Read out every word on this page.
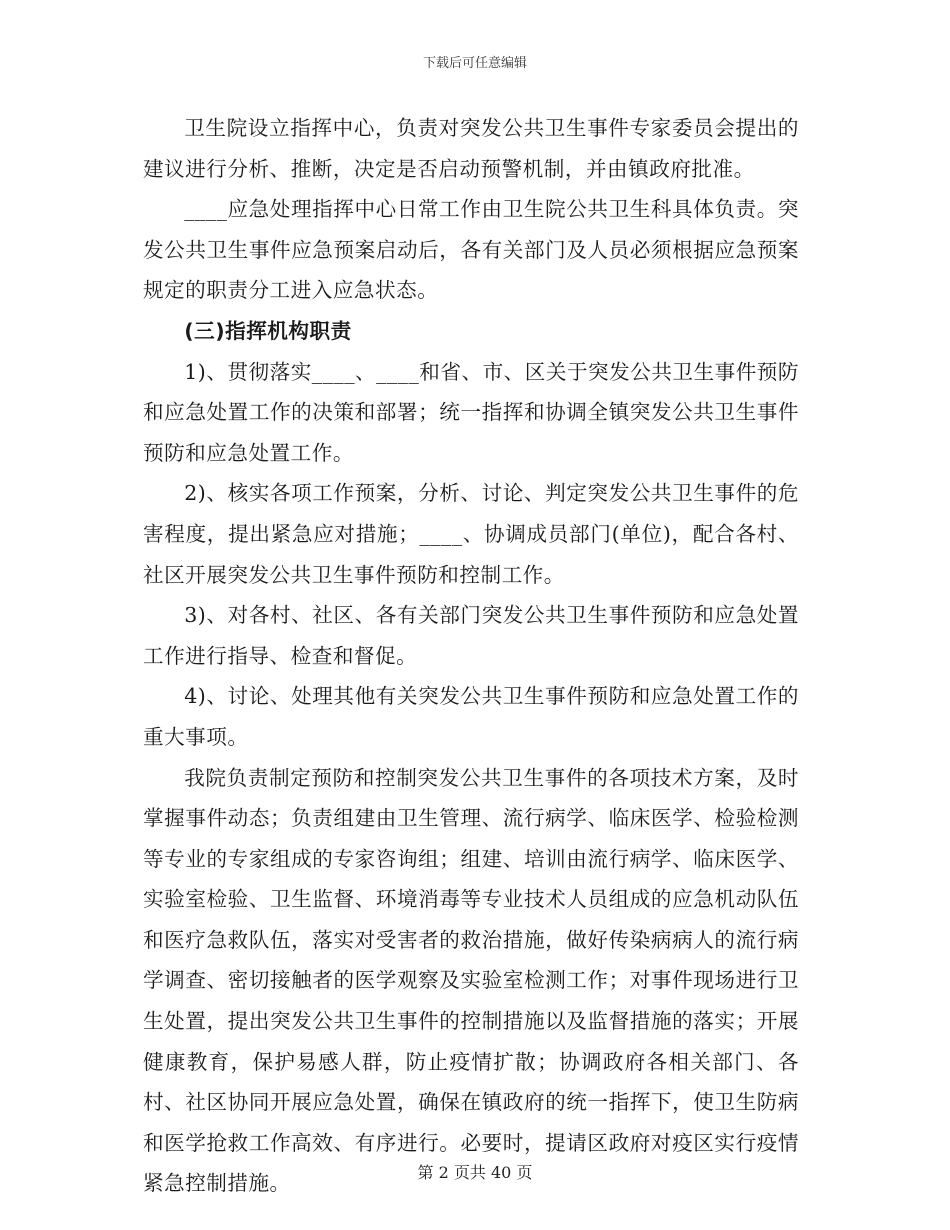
下载后可任意编辑

卫生院设立指挥中心，负责对突发公共卫生事件专家委员会提出的建议进行分析、推断，决定是否启动预警机制，并由镇政府批准。

____应急处理指挥中心日常工作由卫生院公共卫生科具体负责。突发公共卫生事件应急预案启动后，各有关部门及人员必须根据应急预案规定的职责分工进入应急状态。

(三)指挥机构职责

1)、贯彻落实____、____和省、市、区关于突发公共卫生事件预防和应急处置工作的决策和部署；统一指挥和协调全镇突发公共卫生事件预防和应急处置工作。

2)、核实各项工作预案，分析、讨论、判定突发公共卫生事件的危害程度，提出紧急应对措施；____、协调成员部门(单位)，配合各村、社区开展突发公共卫生事件预防和控制工作。

3)、对各村、社区、各有关部门突发公共卫生事件预防和应急处置工作进行指导、检查和督促。

4)、讨论、处理其他有关突发公共卫生事件预防和应急处置工作的重大事项。

我院负责制定预防和控制突发公共卫生事件的各项技术方案，及时掌握事件动态；负责组建由卫生管理、流行病学、临床医学、检验检测等专业的专家组成的专家咨询组；组建、培训由流行病学、临床医学、实验室检验、卫生监督、环境消毒等专业技术人员组成的应急机动队伍和医疗急救队伍，落实对受害者的救治措施，做好传染病病人的流行病学调查、密切接触者的医学观察及实验室检测工作；对事件现场进行卫生处置，提出突发公共卫生事件的控制措施以及监督措施的落实；开展健康教育，保护易感人群，防止疫情扩散；协调政府各相关部门、各村、社区协同开展应急处置，确保在镇政府的统一指挥下，使卫生防病和医学抢救工作高效、有序进行。必要时，提请区政府对疫区实行疫情紧急控制措施。	第 2 页共 40 页
